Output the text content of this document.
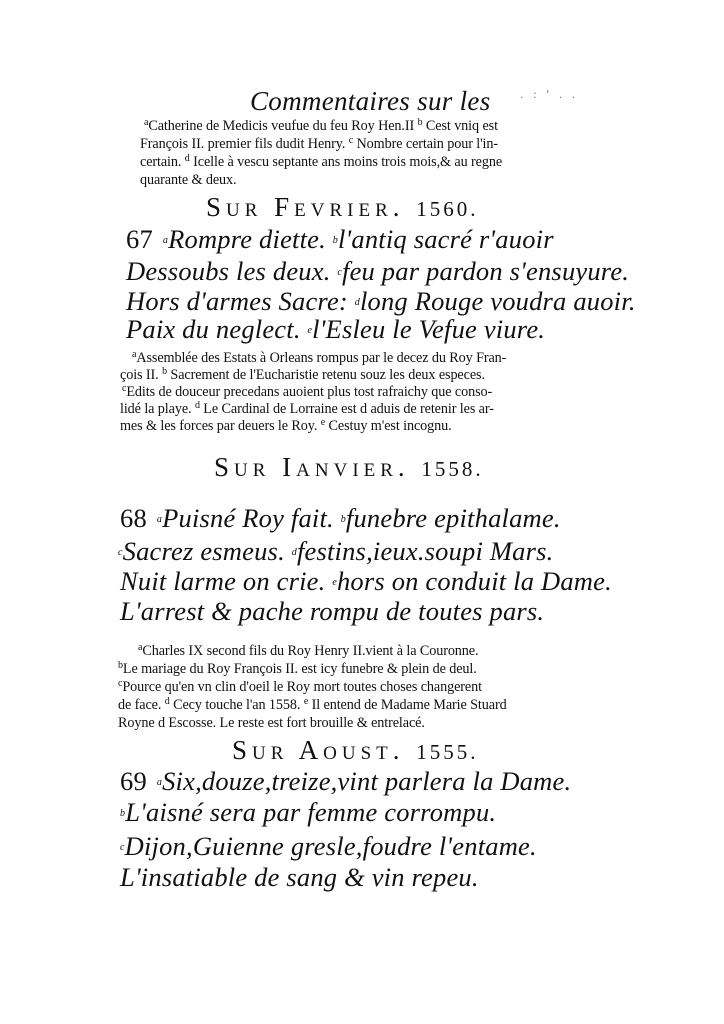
. : ' . .
Commentaires sur les
$^a$Catherine de Medicis veufue du feu Roy Hen.II $^b$ Cest vniq est
François II. premier fils dudit Henry. $^c$ Nombre certain pour l'in-
certain. $^d$ Icelle à vescu septante ans moins trois mois,& au regne
quarante & deux.
Sur Fevrier. 1560.
67 $^a$Rompre diette. $^b$l'antiq sacré r'auoir
Dessoubs les deux. $^c$feu par pardon s'ensuyure.
Hors d'armes Sacre: $^d$long Rouge voudra auoir.
Paix du neglect. $^e$l'Esleu le Vefue viure.
$^a$Assemblée des Estats à Orleans rompus par le decez du Roy Fran-
çois II. $^b$ Sacrement de l'Eucharistie retenu souz les deux especes.
$^c$Edits de douceur precedans auoient plus tost rafraichy que conso-
lidé la playe. $^d$ Le Cardinal de Lorraine est d aduis de retenir les ar-
mes & les forces par deuers le Roy. $^e$ Cestuy m'est incognu.
Sur Ianvier. 1558.
68 $^a$Puisné Roy fait. $^b$funebre epithalame.
$^c$Sacrez esmeus. $^d$festins,ieux.soupi Mars.
Nuit larme on crie. $^e$hors on conduit la Dame.
L'arrest & pache rompu de toutes pars.
$^a$Charles IX second fils du Roy Henry II.vient à la Couronne.
$^b$Le mariage du Roy François II. est icy funebre & plein de deul.
$^c$Pource qu'en vn clin d'oeil le Roy mort toutes choses changerent
de face. $^d$ Cecy touche l'an 1558. $^e$ Il entend de Madame Marie Stuard
Royne d Escosse. Le reste est fort brouille & entrelacé.
Sur Aoust. 1555.
69 $^a$Six,douze,treize,vint parlera la Dame.
$^b$L'aisné sera par femme corrompu.
$^c$Dijon,Guienne gresle,foudre l'entame.
L'insatiable de sang & vin repeu.
